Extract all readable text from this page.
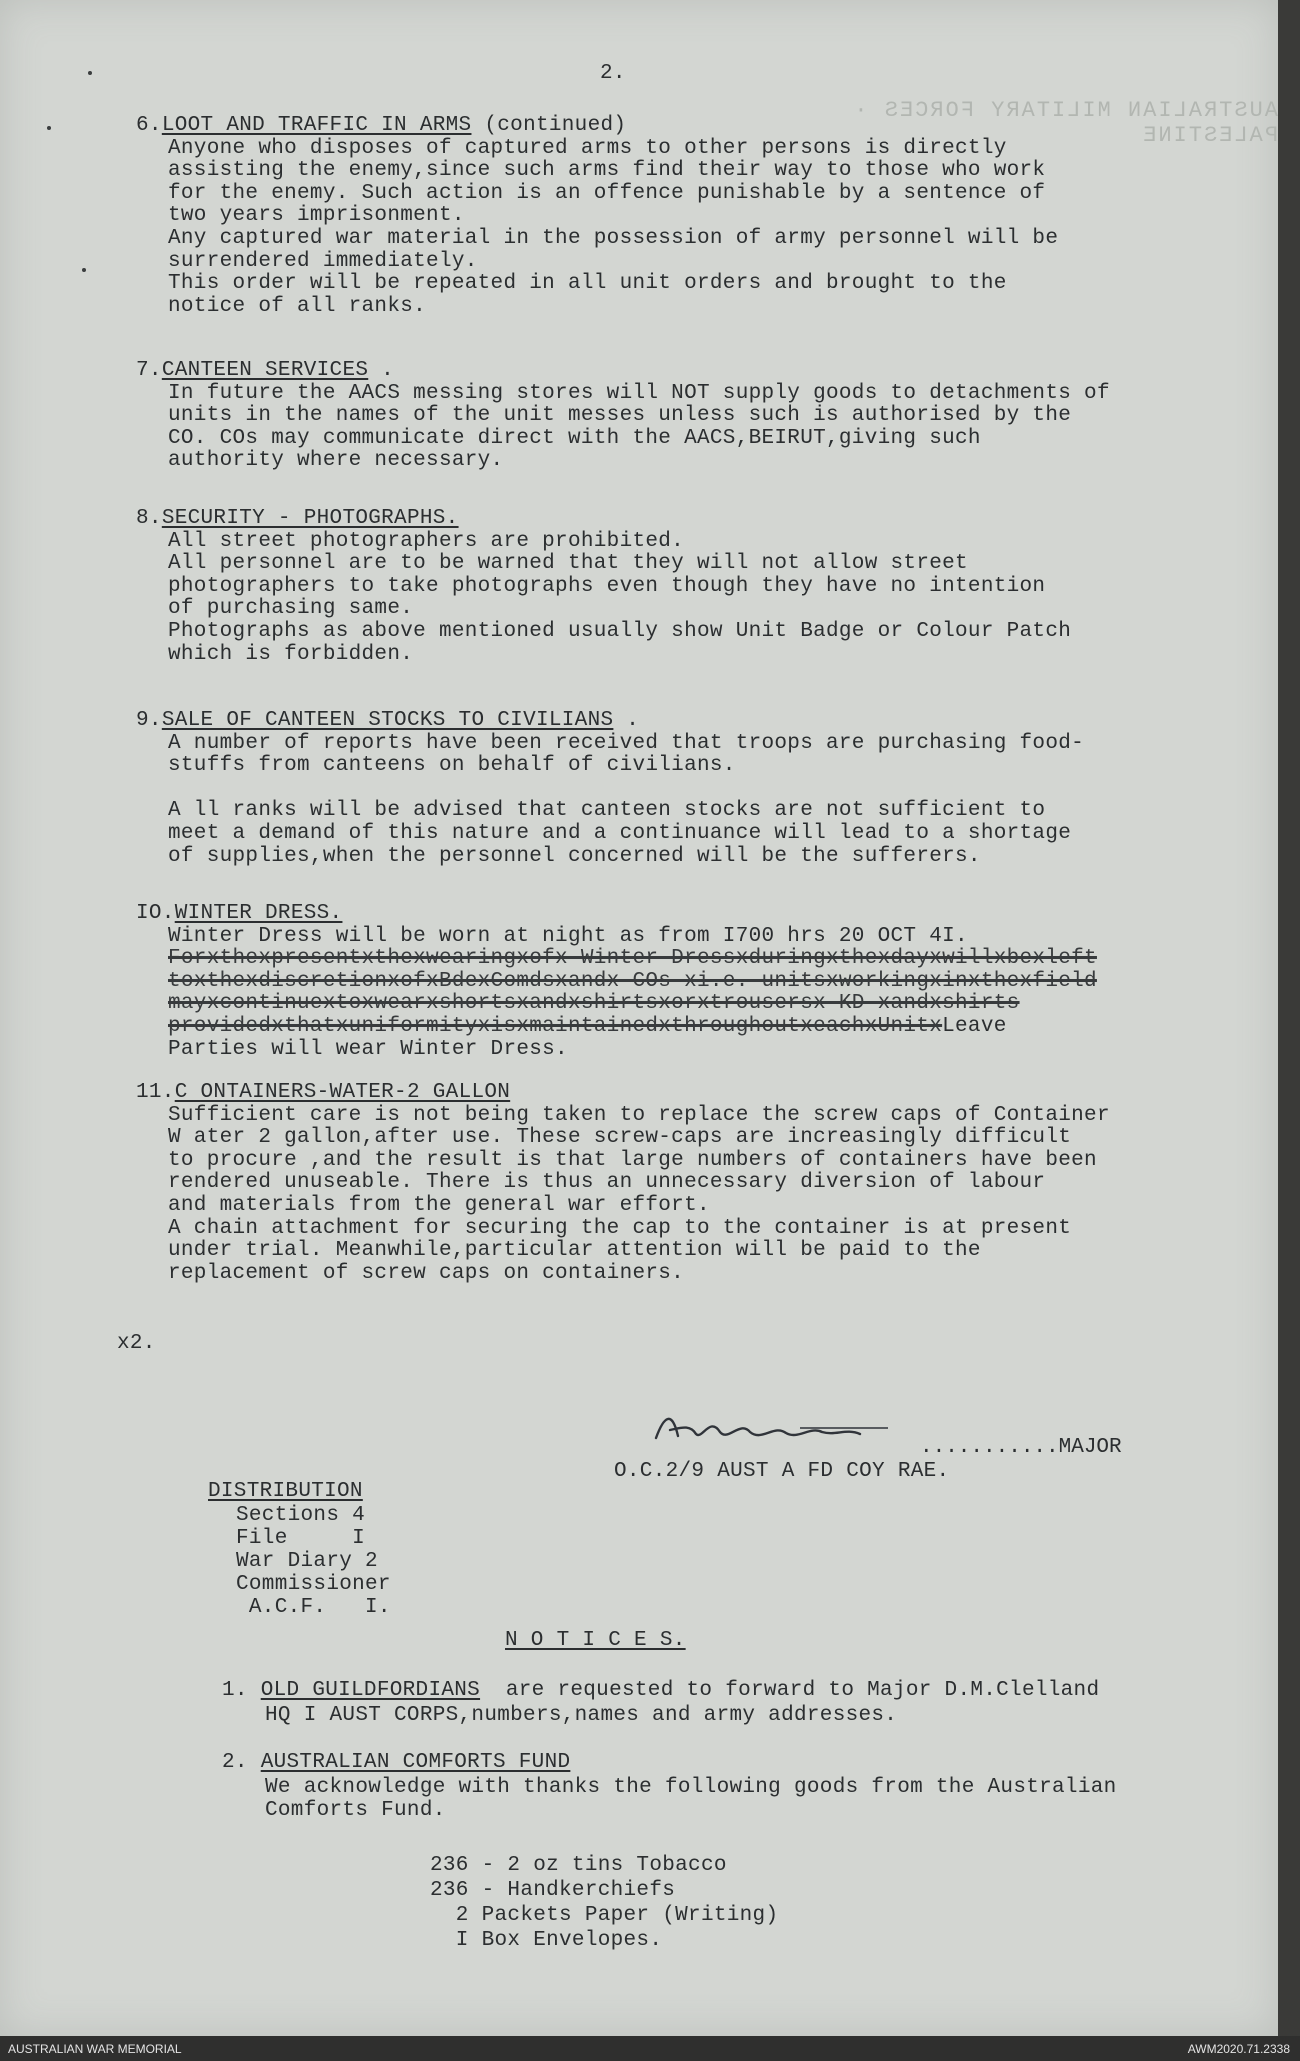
AUSTRALIAN MILITARY FORCES · PALESTINE
2.
6.LOOT AND TRAFFIC IN ARMS (continued)
Anyone who disposes of captured arms to other persons is directly
assisting the enemy,since such arms find their way to those who work
for the enemy. Such action is an offence punishable by a sentence of
two years imprisonment.
Any captured war material in the possession of army personnel will be
surrendered immediately.
This order will be repeated in all unit orders and brought to the
notice of all ranks.
7.CANTEEN SERVICES .
In future the AACS messing stores will NOT supply goods to detachments of
units in the names of the unit messes unless such is authorised by the
CO. COs may communicate direct with the AACS,BEIRUT,giving such
authority where necessary.
8.SECURITY - PHOTOGRAPHS.
All street photographers are prohibited.
All personnel are to be warned that they will not allow street
photographers to take photographs even though they have no intention
of purchasing same.
Photographs as above mentioned usually show Unit Badge or Colour Patch
which is forbidden.
9.SALE OF CANTEEN STOCKS TO CIVILIANS .
A number of reports have been received that troops are purchasing food-
stuffs from canteens on behalf of civilians.
A ll ranks will be advised that canteen stocks are not sufficient to
meet a demand of this nature and a continuance will lead to a shortage
of supplies,when the personnel concerned will be the sufferers.
IO.WINTER DRESS.
Winter Dress will be worn at night as from I700 hrs 20 OCT 4I.
Forxthexpresentxthexwearingxofx Winter Dressxduringxthexdayxwillxbexleft
toxthexdiscretionxofxBdexComdsxandx COs xi.e. unitsxworkingxinxthexfield
mayxcontinuextoxwearxshortsxandxshirtsxorxtrousersx KD xandxshirts
providedxthatxuniformityxisxmaintainedxthroughoutxeachxUnitxLeave
Parties will wear Winter Dress.
11.C ONTAINERS-WATER-2 GALLON
Sufficient care is not being taken to replace the screw caps of Container
W ater 2 gallon,after use. These screw-caps are increasingly difficult
to procure ,and the result is that large numbers of containers have been
rendered unuseable. There is thus an unnecessary diversion of labour
and materials from the general war effort.
A chain attachment for securing the cap to the container is at present
under trial. Meanwhile,particular attention will be paid to the
replacement of screw caps on containers.
x2.
...........MAJOR
O.C.2/9 AUST A FD COY RAE.
DISTRIBUTION
Sections 4
File     I
War Diary 2
Commissioner
A.C.F.   I.
N O T I C E S.
1. OLD GUILDFORDIANS  are requested to forward to Major D.M.Clelland
HQ I AUST CORPS,numbers,names and army addresses.
2. AUSTRALIAN COMFORTS FUND
We acknowledge with thanks the following goods from the Australian
Comforts Fund.
236 - 2 oz tins Tobacco
236 - Handkerchiefs
2 Packets Paper (Writing)
I Box Envelopes.
AUSTRALIAN WAR MEMORIAL	AWM2020.71.2338
